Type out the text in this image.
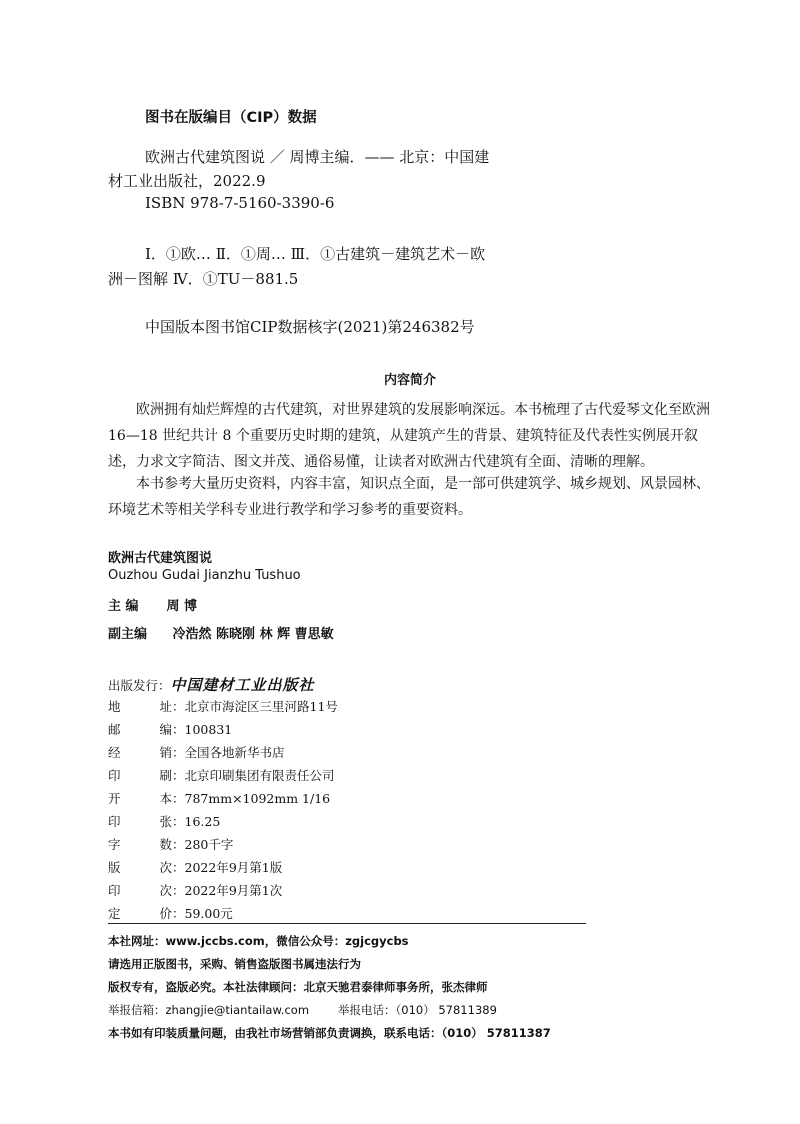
图书在版编目（CIP）数据
欧洲古代建筑图说 ／ 周博主编．—— 北京：中国建
材工业出版社，2022.9
ISBN 978-7-5160-3390-6
Ⅰ．①欧… Ⅱ．①周… Ⅲ．①古建筑－建筑艺术－欧
洲－图解 Ⅳ．①TU－881.5
中国版本图书馆CIP数据核字(2021)第246382号
内容简介

欧洲拥有灿烂辉煌的古代建筑，对世界建筑的发展影响深远。本书梳理了古代爱琴文化至欧洲 16—18 世纪共计 8 个重要历史时期的建筑，从建筑产生的背景、建筑特征及代表性实例展开叙述，力求文字简洁、图文并茂、通俗易懂，让读者对欧洲古代建筑有全面、清晰的理解。

本书参考大量历史资料，内容丰富，知识点全面，是一部可供建筑学、城乡规划、风景园林、环境艺术等相关学科专业进行教学和学习参考的重要资料。

欧洲古代建筑图说
Ouzhou Gudai Jianzhu Tushuo
主 编 周 博
副主编 冷浩然 陈晓刚 林 辉 曹思敏
出版发行：中国建材工业出版社
地 址：北京市海淀区三里河路11号
邮 编：100831
经 销：全国各地新华书店
印 刷：北京印刷集团有限责任公司
开 本：787mm×1092mm 1/16
印 张：16.25
字 数：280千字
版 次：2022年9月第1版
印 次：2022年9月第1次
定 价：59.00元
本社网址：www.jccbs.com，微信公众号：zgjcgycbs
请选用正版图书，采购、销售盗版图书属违法行为
版权专有，盗版必究。本社法律顾问：北京天驰君泰律师事务所，张杰律师
举报信箱：zhangjie@tiantailaw.com	举报电话：（010） 57811389
本书如有印装质量问题，由我社市场营销部负责调换，联系电话：（010） 57811387
